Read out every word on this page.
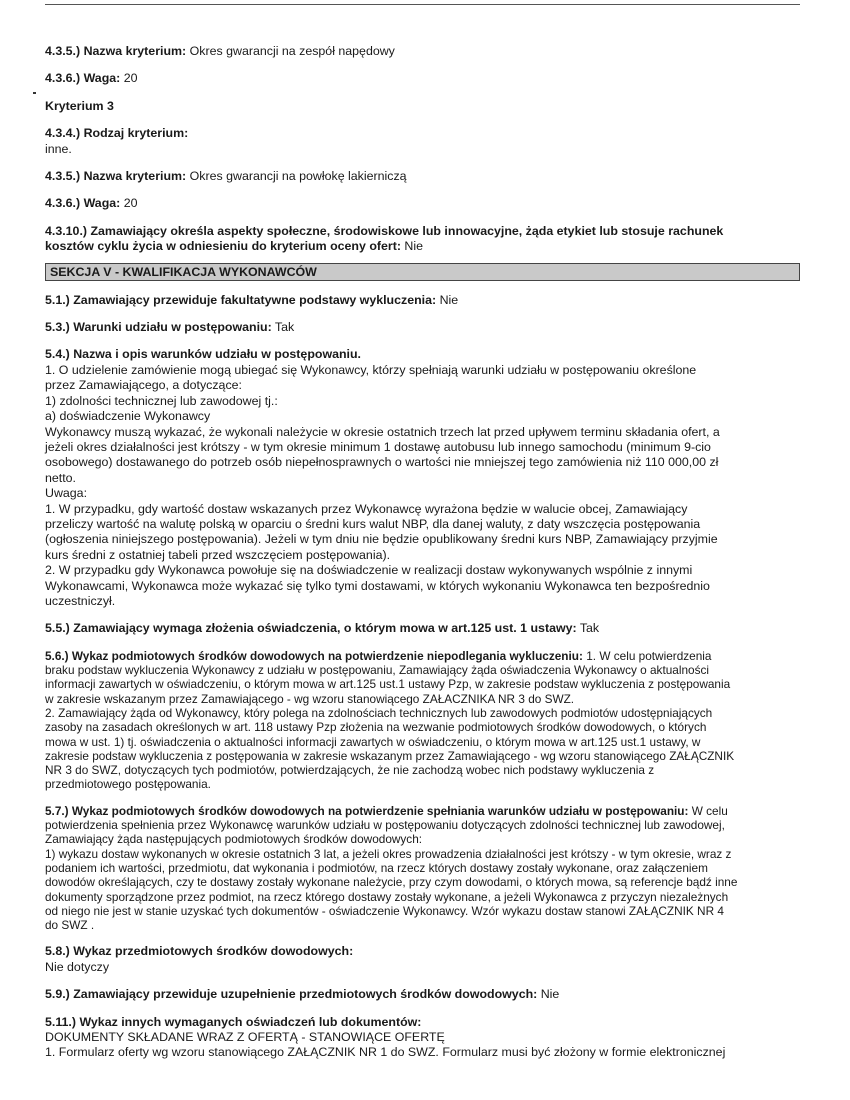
4.3.5.) Nazwa kryterium: Okres gwarancji na zespół napędowy
4.3.6.) Waga: 20
Kryterium 3
4.3.4.) Rodzaj kryterium:
inne.
4.3.5.) Nazwa kryterium: Okres gwarancji na powłokę lakierniczą
4.3.6.) Waga: 20
4.3.10.) Zamawiający określa aspekty społeczne, środowiskowe lub innowacyjne, żąda etykiet lub stosuje rachunek
kosztów cyklu życia w odniesieniu do kryterium oceny ofert: Nie
SEKCJA V - KWALIFIKACJA WYKONAWCÓW
5.1.) Zamawiający przewiduje fakultatywne podstawy wykluczenia: Nie
5.3.) Warunki udziału w postępowaniu: Tak
5.4.) Nazwa i opis warunków udziału w postępowaniu.
1. O udzielenie zamówienie mogą ubiegać się Wykonawcy, którzy spełniają warunki udziału w postępowaniu określone
przez Zamawiającego, a dotyczące:
1) zdolności technicznej lub zawodowej tj.:
a) doświadczenie Wykonawcy
Wykonawcy muszą wykazać, że wykonali należycie w okresie ostatnich trzech lat przed upływem terminu składania ofert, a
jeżeli okres działalności jest krótszy - w tym okresie minimum 1 dostawę autobusu lub innego samochodu (minimum 9-cio
osobowego) dostawanego do potrzeb osób niepełnosprawnych o wartości nie mniejszej tego zamówienia niż 110 000,00 zł
netto.
Uwaga:
1. W przypadku, gdy wartość dostaw wskazanych przez Wykonawcę wyrażona będzie w walucie obcej, Zamawiający
przeliczy wartość na walutę polską w oparciu o średni kurs walut NBP, dla danej waluty, z daty wszczęcia postępowania
(ogłoszenia niniejszego postępowania). Jeżeli w tym dniu nie będzie opublikowany średni kurs NBP, Zamawiający przyjmie
kurs średni z ostatniej tabeli przed wszczęciem postępowania).
2. W przypadku gdy Wykonawca powołuje się na doświadczenie w realizacji dostaw wykonywanych wspólnie z innymi
Wykonawcami, Wykonawca może wykazać się tylko tymi dostawami, w których wykonaniu Wykonawca ten bezpośrednio
uczestniczył.
5.5.) Zamawiający wymaga złożenia oświadczenia, o którym mowa w art.125 ust. 1 ustawy: Tak
5.6.) Wykaz podmiotowych środków dowodowych na potwierdzenie niepodlegania wykluczeniu: 1. W celu potwierdzenia
braku podstaw wykluczenia Wykonawcy z udziału w postępowaniu, Zamawiający żąda oświadczenia Wykonawcy o aktualności
informacji zawartych w oświadczeniu, o którym mowa w art.125 ust.1 ustawy Pzp, w zakresie podstaw wykluczenia z postępowania
w zakresie wskazanym przez Zamawiającego - wg wzoru stanowiącego ZAŁACZNIKA NR 3 do SWZ.
2. Zamawiający żąda od Wykonawcy, który polega na zdolnościach technicznych lub zawodowych podmiotów udostępniających
zasoby na zasadach określonych w art. 118 ustawy Pzp złożenia na wezwanie podmiotowych środków dowodowych, o których
mowa w ust. 1) tj. oświadczenia o aktualności informacji zawartych w oświadczeniu, o którym mowa w art.125 ust.1 ustawy, w
zakresie podstaw wykluczenia z postępowania w zakresie wskazanym przez Zamawiającego - wg wzoru stanowiącego ZAŁĄCZNIK
NR 3 do SWZ, dotyczących tych podmiotów, potwierdzających, że nie zachodzą wobec nich podstawy wykluczenia z
przedmiotowego postępowania.
5.7.) Wykaz podmiotowych środków dowodowych na potwierdzenie spełniania warunków udziału w postępowaniu: W celu
potwierdzenia spełnienia przez Wykonawcę warunków udziału w postępowaniu dotyczących zdolności technicznej lub zawodowej,
Zamawiający żąda następujących podmiotowych środków dowodowych:
1) wykazu dostaw wykonanych w okresie ostatnich 3 lat, a jeżeli okres prowadzenia działalności jest krótszy - w tym okresie, wraz z
podaniem ich wartości, przedmiotu, dat wykonania i podmiotów, na rzecz których dostawy zostały wykonane, oraz załączeniem
dowodów określających, czy te dostawy zostały wykonane należycie, przy czym dowodami, o których mowa, są referencje bądź inne
dokumenty sporządzone przez podmiot, na rzecz którego dostawy zostały wykonane, a jeżeli Wykonawca z przyczyn niezależnych
od niego nie jest w stanie uzyskać tych dokumentów - oświadczenie Wykonawcy. Wzór wykazu dostaw stanowi ZAŁĄCZNIK NR 4
do SWZ .
5.8.) Wykaz przedmiotowych środków dowodowych:
Nie dotyczy
5.9.) Zamawiający przewiduje uzupełnienie przedmiotowych środków dowodowych: Nie
5.11.) Wykaz innych wymaganych oświadczeń lub dokumentów:
DOKUMENTY SKŁADANE WRAZ Z OFERTĄ - STANOWIĄCE OFERTĘ
1. Formularz oferty wg wzoru stanowiącego ZAŁĄCZNIK NR 1 do SWZ. Formularz musi być złożony w formie elektronicznej
